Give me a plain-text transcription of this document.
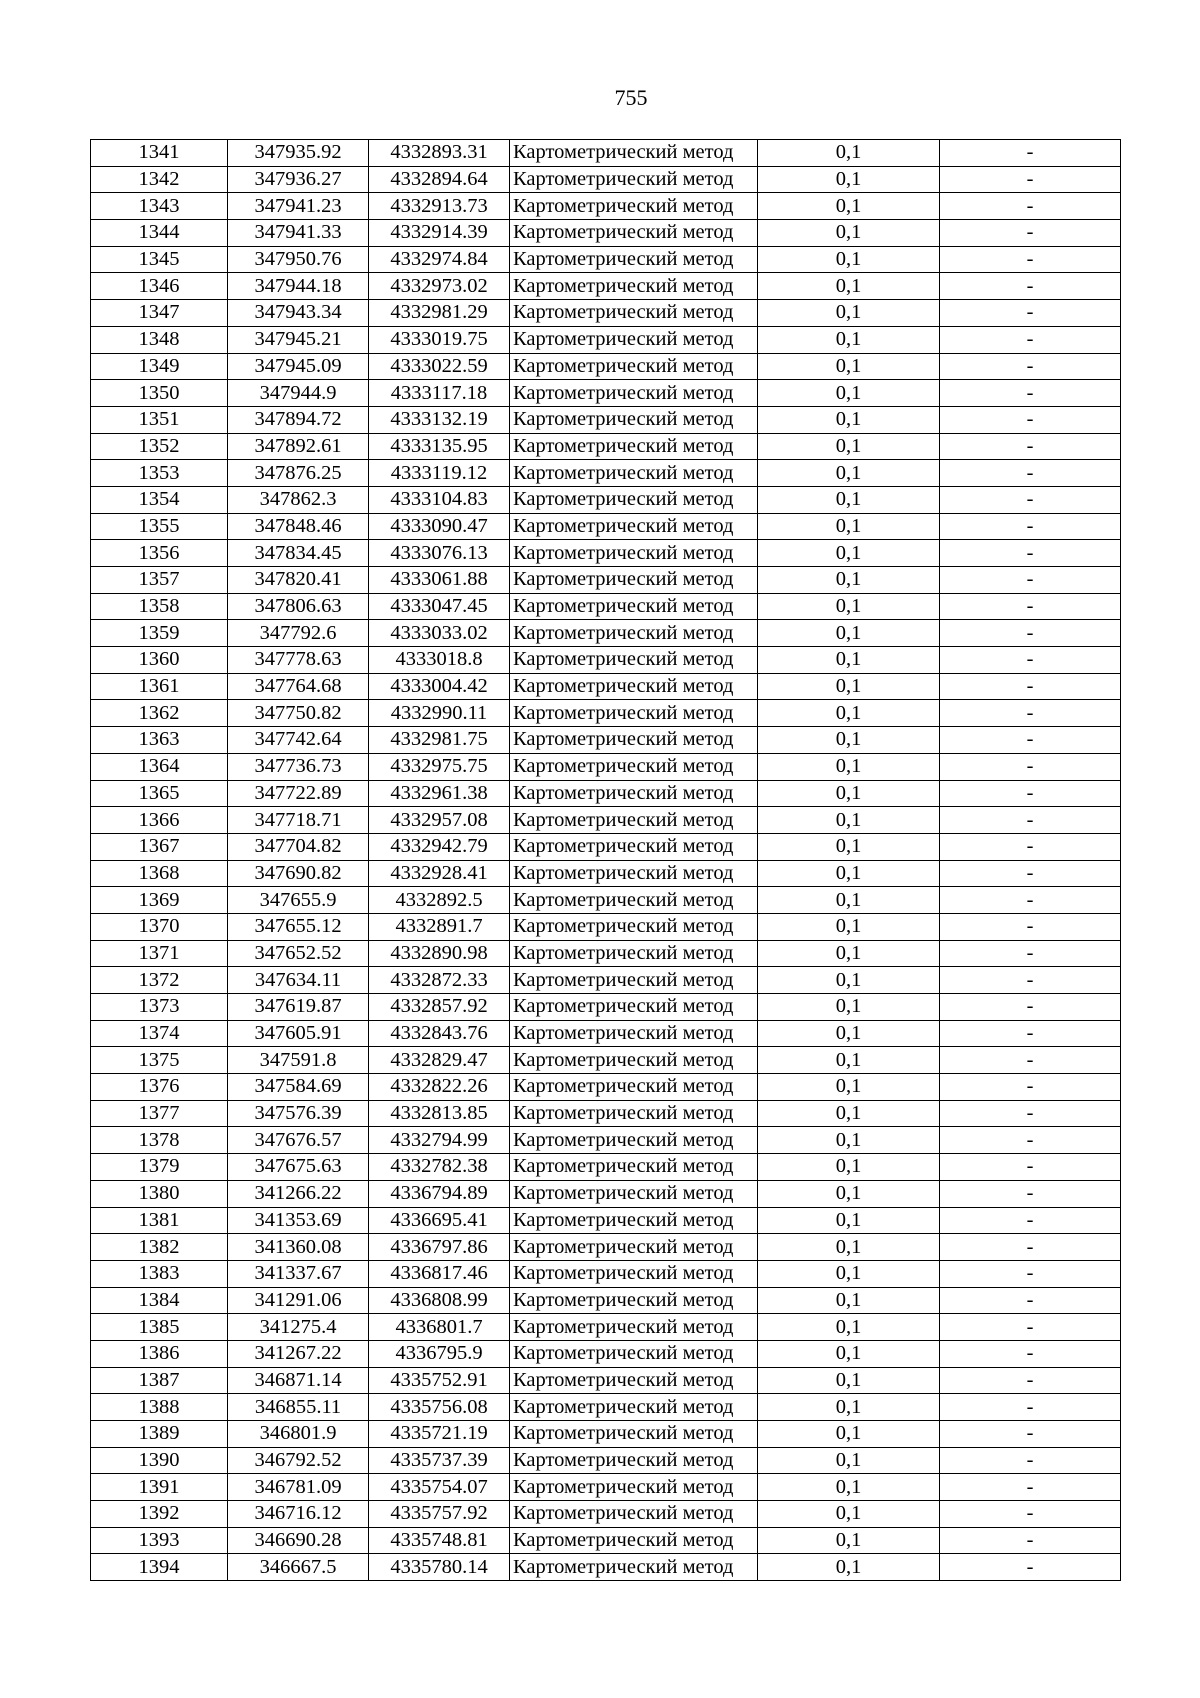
755
1341	347935.92	4332893.31	Картометрический метод	0,1	-
1342	347936.27	4332894.64	Картометрический метод	0,1	-
1343	347941.23	4332913.73	Картометрический метод	0,1	-
1344	347941.33	4332914.39	Картометрический метод	0,1	-
1345	347950.76	4332974.84	Картометрический метод	0,1	-
1346	347944.18	4332973.02	Картометрический метод	0,1	-
1347	347943.34	4332981.29	Картометрический метод	0,1	-
1348	347945.21	4333019.75	Картометрический метод	0,1	-
1349	347945.09	4333022.59	Картометрический метод	0,1	-
1350	347944.9	4333117.18	Картометрический метод	0,1	-
1351	347894.72	4333132.19	Картометрический метод	0,1	-
1352	347892.61	4333135.95	Картометрический метод	0,1	-
1353	347876.25	4333119.12	Картометрический метод	0,1	-
1354	347862.3	4333104.83	Картометрический метод	0,1	-
1355	347848.46	4333090.47	Картометрический метод	0,1	-
1356	347834.45	4333076.13	Картометрический метод	0,1	-
1357	347820.41	4333061.88	Картометрический метод	0,1	-
1358	347806.63	4333047.45	Картометрический метод	0,1	-
1359	347792.6	4333033.02	Картометрический метод	0,1	-
1360	347778.63	4333018.8	Картометрический метод	0,1	-
1361	347764.68	4333004.42	Картометрический метод	0,1	-
1362	347750.82	4332990.11	Картометрический метод	0,1	-
1363	347742.64	4332981.75	Картометрический метод	0,1	-
1364	347736.73	4332975.75	Картометрический метод	0,1	-
1365	347722.89	4332961.38	Картометрический метод	0,1	-
1366	347718.71	4332957.08	Картометрический метод	0,1	-
1367	347704.82	4332942.79	Картометрический метод	0,1	-
1368	347690.82	4332928.41	Картометрический метод	0,1	-
1369	347655.9	4332892.5	Картометрический метод	0,1	-
1370	347655.12	4332891.7	Картометрический метод	0,1	-
1371	347652.52	4332890.98	Картометрический метод	0,1	-
1372	347634.11	4332872.33	Картометрический метод	0,1	-
1373	347619.87	4332857.92	Картометрический метод	0,1	-
1374	347605.91	4332843.76	Картометрический метод	0,1	-
1375	347591.8	4332829.47	Картометрический метод	0,1	-
1376	347584.69	4332822.26	Картометрический метод	0,1	-
1377	347576.39	4332813.85	Картометрический метод	0,1	-
1378	347676.57	4332794.99	Картометрический метод	0,1	-
1379	347675.63	4332782.38	Картометрический метод	0,1	-
1380	341266.22	4336794.89	Картометрический метод	0,1	-
1381	341353.69	4336695.41	Картометрический метод	0,1	-
1382	341360.08	4336797.86	Картометрический метод	0,1	-
1383	341337.67	4336817.46	Картометрический метод	0,1	-
1384	341291.06	4336808.99	Картометрический метод	0,1	-
1385	341275.4	4336801.7	Картометрический метод	0,1	-
1386	341267.22	4336795.9	Картометрический метод	0,1	-
1387	346871.14	4335752.91	Картометрический метод	0,1	-
1388	346855.11	4335756.08	Картометрический метод	0,1	-
1389	346801.9	4335721.19	Картометрический метод	0,1	-
1390	346792.52	4335737.39	Картометрический метод	0,1	-
1391	346781.09	4335754.07	Картометрический метод	0,1	-
1392	346716.12	4335757.92	Картометрический метод	0,1	-
1393	346690.28	4335748.81	Картометрический метод	0,1	-
1394	346667.5	4335780.14	Картометрический метод	0,1	-
